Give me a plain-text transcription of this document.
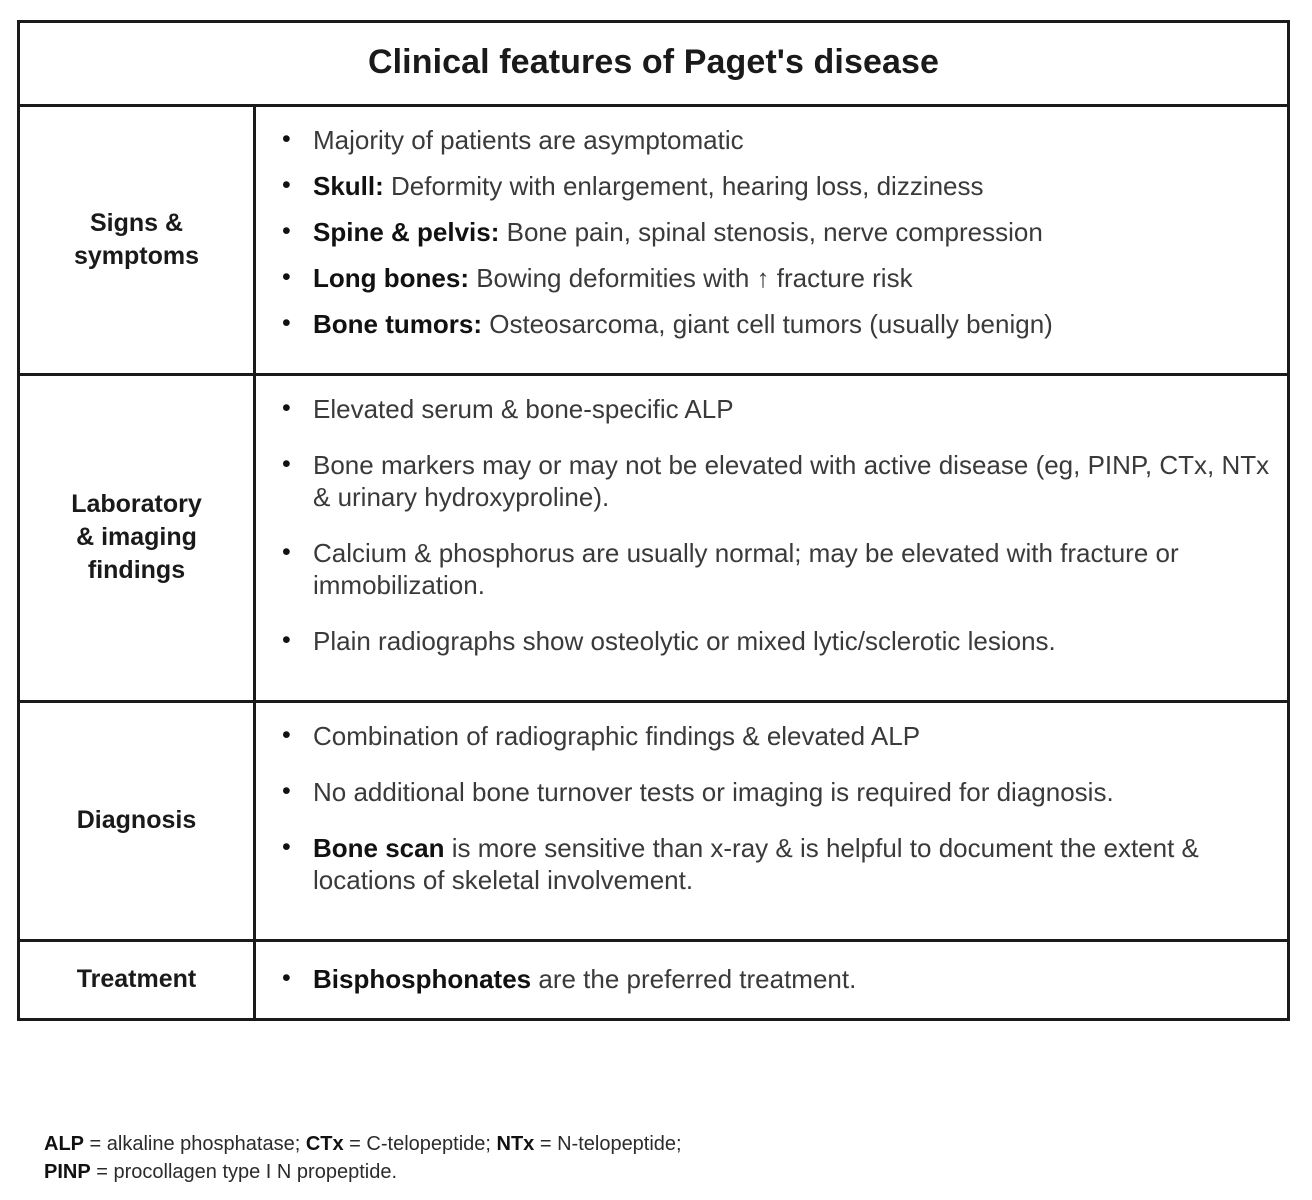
Clinical features of Paget's disease	
Signs &
symptoms	
• Majority of patients are asymptomatic
• Skull: Deformity with enlargement, hearing loss, dizziness
• Spine & pelvis: Bone pain, spinal stenosis, nerve compression
• Long bones: Bowing deformities with ↑ fracture risk
• Bone tumors: Osteosarcoma, giant cell tumors (usually benign)

Laboratory
& imaging
findings	
• Elevated serum & bone-specific ALP
• Bone markers may or may not be elevated with active disease (eg, PINP, CTx, NTx & urinary hydroxyproline).
• Calcium & phosphorus are usually normal; may be elevated with fracture or immobilization.
• Plain radiographs show osteolytic or mixed lytic/sclerotic lesions.

Diagnosis	
• Combination of radiographic findings & elevated ALP
• No additional bone turnover tests or imaging is required for diagnosis.
• Bone scan is more sensitive than x-ray & is helpful to document the extent & locations of skeletal involvement.

Treatment	
•Bisphosphonates are the preferred treatment.
ALP = alkaline phosphatase; CTx = C-telopeptide; NTx = N-telopeptide;
PINP = procollagen type I N propeptide.
